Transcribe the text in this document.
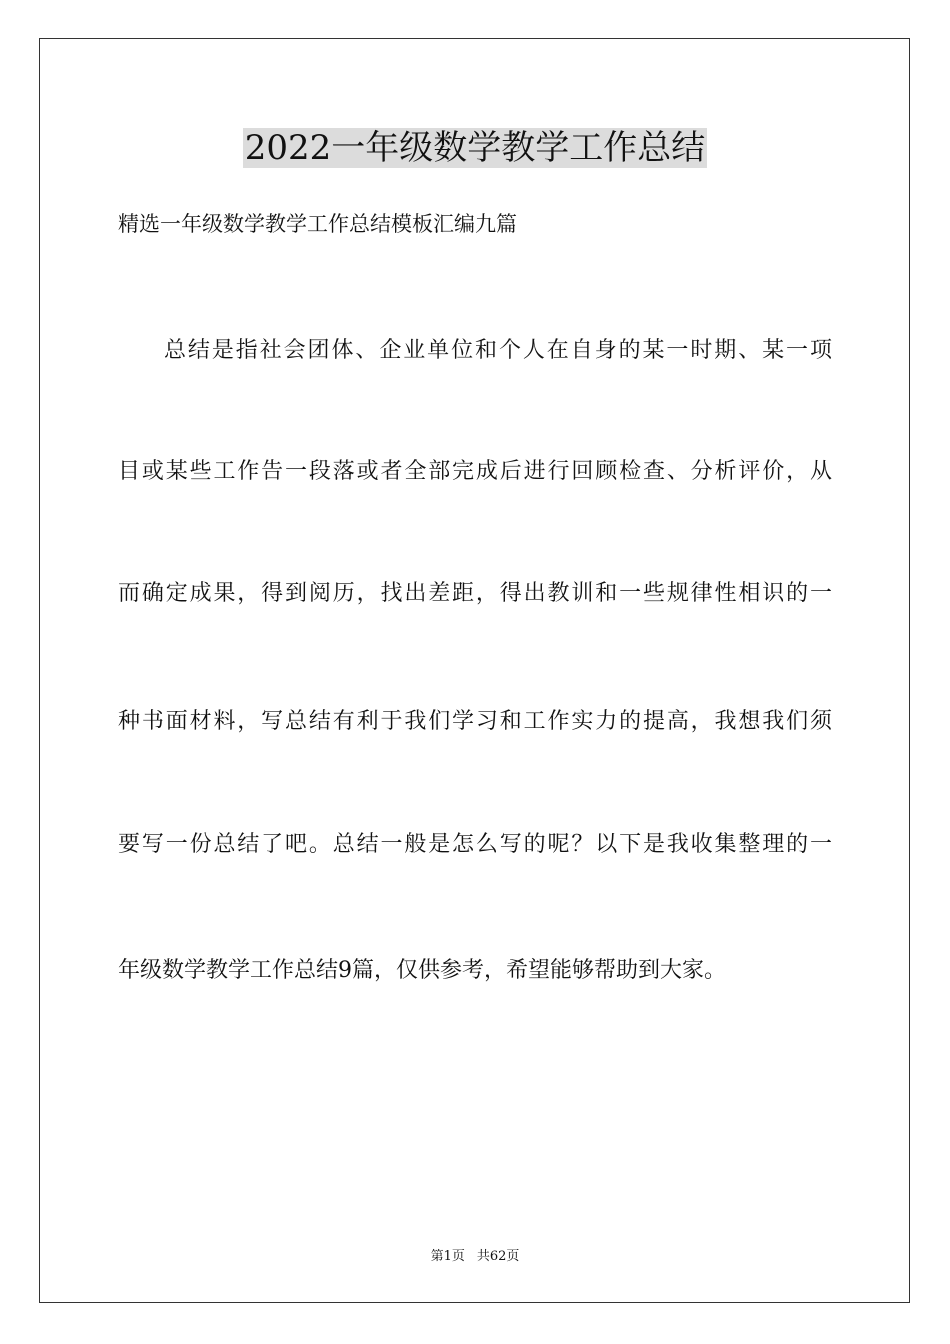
2022一年级数学教学工作总结
精选一年级数学教学工作总结模板汇编九篇
总结是指社会团体、企业单位和个人在自身的某一时期、某一项
目或某些工作告一段落或者全部完成后进行回顾检查、分析评价，从
而确定成果，得到阅历，找出差距，得出教训和一些规律性相识的一
种书面材料，写总结有利于我们学习和工作实力的提高，我想我们须
要写一份总结了吧。总结一般是怎么写的呢？以下是我收集整理的一
年级数学教学工作总结9篇，仅供参考，希望能够帮助到大家。
第1页 共62页
